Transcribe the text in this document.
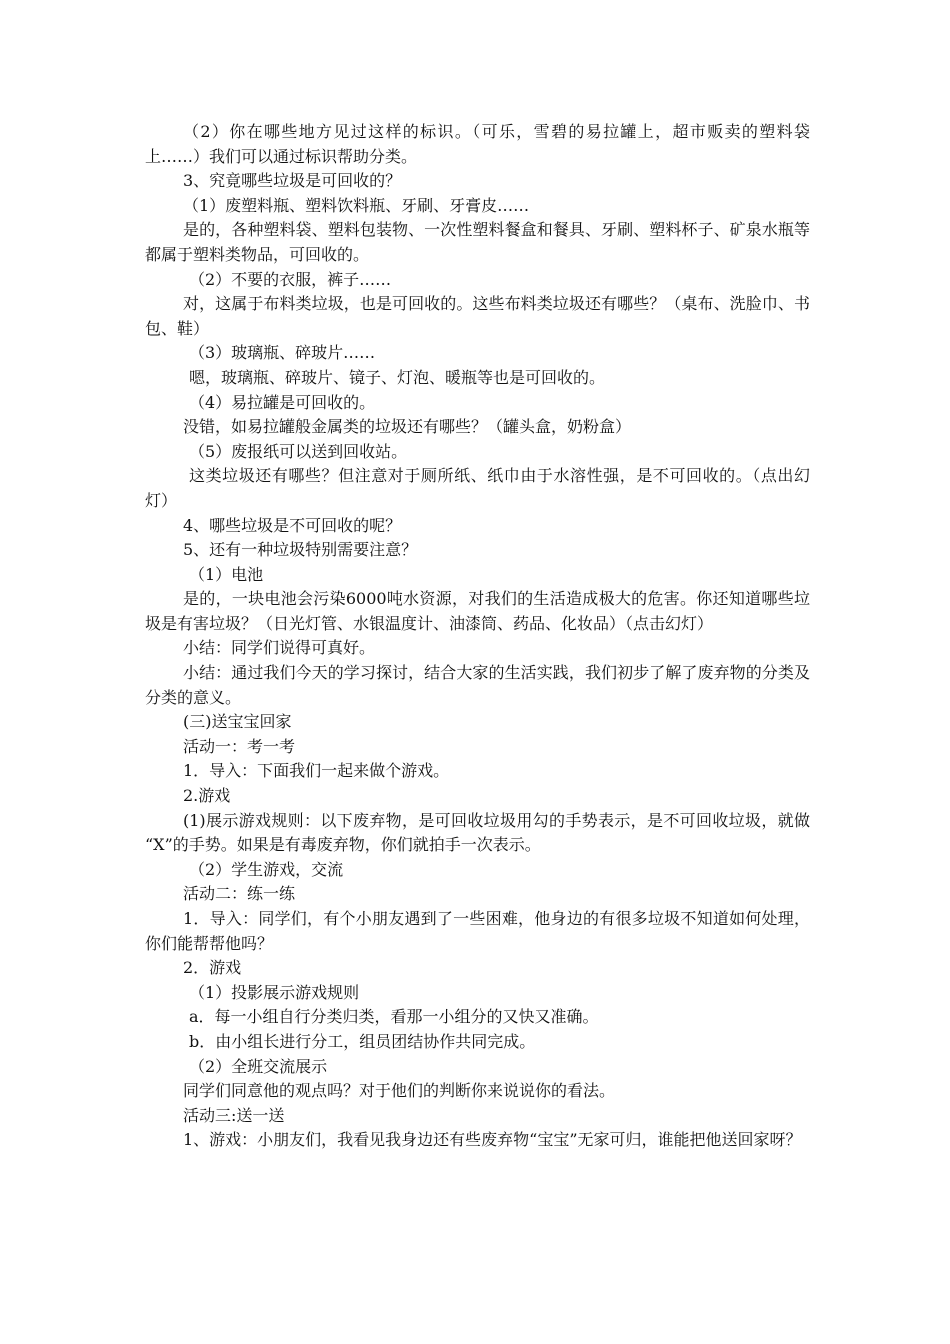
（2）你在哪些地方见过这样的标识。（可乐，雪碧的易拉罐上，超市贩卖的塑料袋上……）我们可以通过标识帮助分类。

3、究竟哪些垃圾是可回收的？

（1）废塑料瓶、塑料饮料瓶、牙刷、牙膏皮……

是的，各种塑料袋、塑料包装物、一次性塑料餐盒和餐具、牙刷、塑料杯子、矿泉水瓶等都属于塑料类物品，可回收的。

（2）不要的衣服，裤子……

对，这属于布料类垃圾，也是可回收的。这些布料类垃圾还有哪些？（桌布、洗脸巾、书包、鞋）

（3）玻璃瓶、碎玻片……

嗯，玻璃瓶、碎玻片、镜子、灯泡、暖瓶等也是可回收的。

（4）易拉罐是可回收的。

没错，如易拉罐般金属类的垃圾还有哪些？（罐头盒，奶粉盒）

（5）废报纸可以送到回收站。

这类垃圾还有哪些？但注意对于厕所纸、纸巾由于水溶性强，是不可回收的。（点出幻灯）

4、哪些垃圾是不可回收的呢？

5、还有一种垃圾特别需要注意？

（1）电池

是的，一块电池会污染6000吨水资源，对我们的生活造成极大的危害。你还知道哪些垃圾是有害垃圾？（日光灯管、水银温度计、油漆筒、药品、化妆品）（点击幻灯）

小结：同学们说得可真好。

小结：通过我们今天的学习探讨，结合大家的生活实践，我们初步了解了废弃物的分类及分类的意义。

(三)送宝宝回家

活动一：考一考

1．导入：下面我们一起来做个游戏。

2.游戏

(1)展示游戏规则：以下废弃物，是可回收垃圾用勾的手势表示，是不可回收垃圾，就做 “X”的手势。如果是有毒废弃物，你们就拍手一次表示。

（2）学生游戏，交流

活动二：练一练

1．导入：同学们，有个小朋友遇到了一些困难，他身边的有很多垃圾不知道如何处理，你们能帮帮他吗？

2．游戏

（1）投影展示游戏规则

a．每一小组自行分类归类，看那一小组分的又快又准确。

b．由小组长进行分工，组员团结协作共同完成。

（2）全班交流展示

同学们同意他的观点吗？对于他们的判断你来说说你的看法。

活动三:送一送

1、游戏：小朋友们，我看见我身边还有些废弃物“宝宝”无家可归，谁能把他送回家呀？
